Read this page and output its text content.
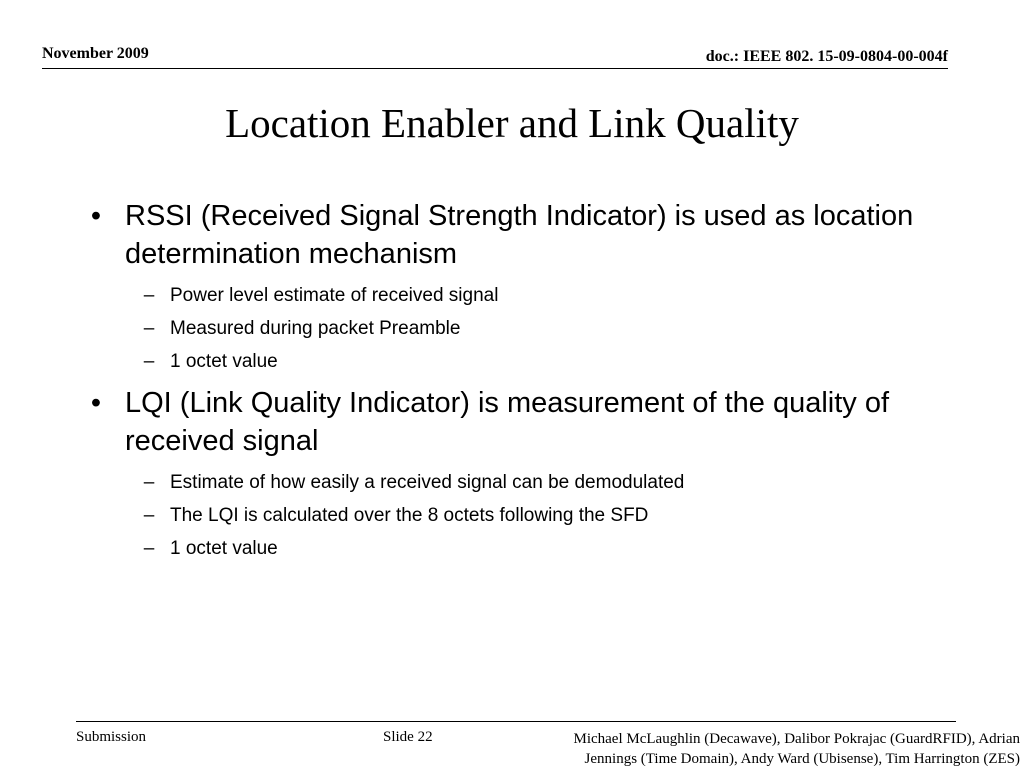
November 2009	doc.: IEEE 802. 15-09-0804-00-004f
Location Enabler and Link Quality
• RSSI (Received Signal Strength Indicator) is used as location determination mechanism
– Power level estimate of received signal
– Measured during packet Preamble
– 1 octet value
• LQI (Link Quality Indicator) is measurement of the quality of received signal
– Estimate of how easily a received signal can be demodulated
– The LQI is calculated over the 8 octets following the SFD
– 1 octet value
Submission	Slide 22	Michael McLaughlin (Decawave), Dalibor Pokrajac (GuardRFID), Adrian
Jennings (Time Domain), Andy Ward (Ubisense), Tim Harrington (ZES)
